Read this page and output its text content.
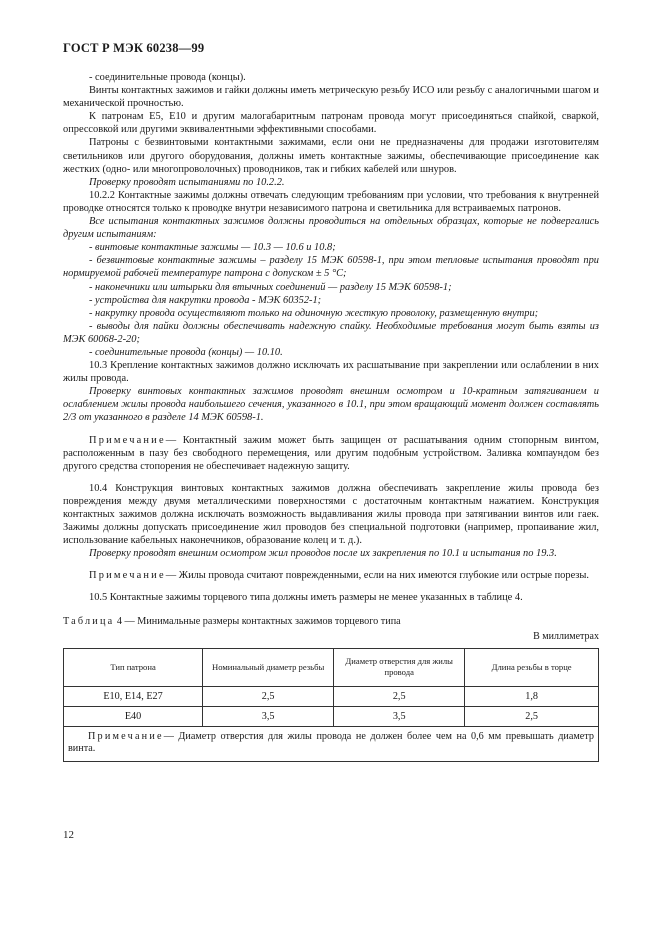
ГОСТ Р МЭК 60238—99

- соединительные провода (концы).

Винты контактных зажимов и гайки должны иметь метрическую резьбу ИСО или резьбу с аналогичными шагом и механической прочностью.

К патронам E5, E10 и другим малогабаритным патронам провода могут присоединяться спайкой, сваркой, опрессовкой или другими эквивалентными эффективными способами.

Патроны с безвинтовыми контактными зажимами, если они не предназначены для продажи изготовителям светильников или другого оборудования, должны иметь контактные зажимы, обеспечивающие присоединение как жестких (одно- или многопроволочных) проводников, так и гибких кабелей или шнуров.

Проверку проводят испытаниями по 10.2.2.

10.2.2 Контактные зажимы должны отвечать следующим требованиям при условии, что требования к внутренней проводке относятся только к проводке внутри независимого патрона и светильника для встраиваемых патронов.

Все испытания контактных зажимов должны проводиться на отдельных образцах, которые не подвергались другим испытаниям:

- винтовые контактные зажимы — 10.3 — 10.6 и 10.8;

- безвинтовые контактные зажимы – разделу 15 МЭК 60598-1, при этом тепловые испытания проводят при нормируемой рабочей температуре патрона с допуском ± 5 °С;

- наконечники или штырьки для втычных соединений — разделу 15 МЭК 60598-1;

- устройства для накрутки провода - МЭК 60352-1;

- накрутку провода осуществляют только на одиночную жесткую проволоку, размещенную внутри;

- выводы для пайки должны обеспечивать надежную спайку. Необходимые требования могут быть взяты из МЭК 60068-2-20;

- соединительные провода (концы) — 10.10.

10.3 Крепление контактных зажимов должно исключать их расшатывание при закреплении или ослаблении в них жилы провода.

Проверку винтовых контактных зажимов проводят внешним осмотром и 10-кратным затягиванием и ослаблением жилы провода наибольшего сечения, указанного в 10.1, при этом вращающий момент должен составлять 2/3 от указанного в разделе 14 МЭК 60598-1.

Примечание— Контактный зажим может быть защищен от расшатывания одним стопорным винтом, расположенным в пазу без свободного перемещения, или другим подобным устройством. Заливка компаундом без другого средства стопорения не обеспечивает надежную защиту.

10.4 Конструкция винтовых контактных зажимов должна обеспечивать закрепление жилы провода без повреждения между двумя металлическими поверхностями с достаточным контактным нажатием. Конструкция контактных зажимов должна исключать возможность выдавливания жилы провода при затягивании винтов или гаек. Зажимы должны допускать присоединение жил проводов без специальной подготовки (например, пропаивание жил, использование кабельных наконечников, образование колец и т. д.).

Проверку проводят внешним осмотром жил проводов после их закрепления по 10.1 и испытания по 19.3.

Примечание— Жилы провода считают поврежденными, если на них имеются глубокие или острые порезы.

10.5 Контактные зажимы торцевого типа должны иметь размеры не менее указанных в таблице 4.

Таблица 4 — Минимальные размеры контактных зажимов торцевого типа

В миллиметрах

Тип патрона	Номинальный диаметр резьбы	Диаметр отверстия для жилы провода	Длина резьбы в торце
E10, E14, E27	2,5	2,5	1,8
E40	3,5	3,5	2,5
Примечание— Диаметр отверстия для жилы провода не должен более чем на 0,6 мм превышать диаметр винта.			
12
